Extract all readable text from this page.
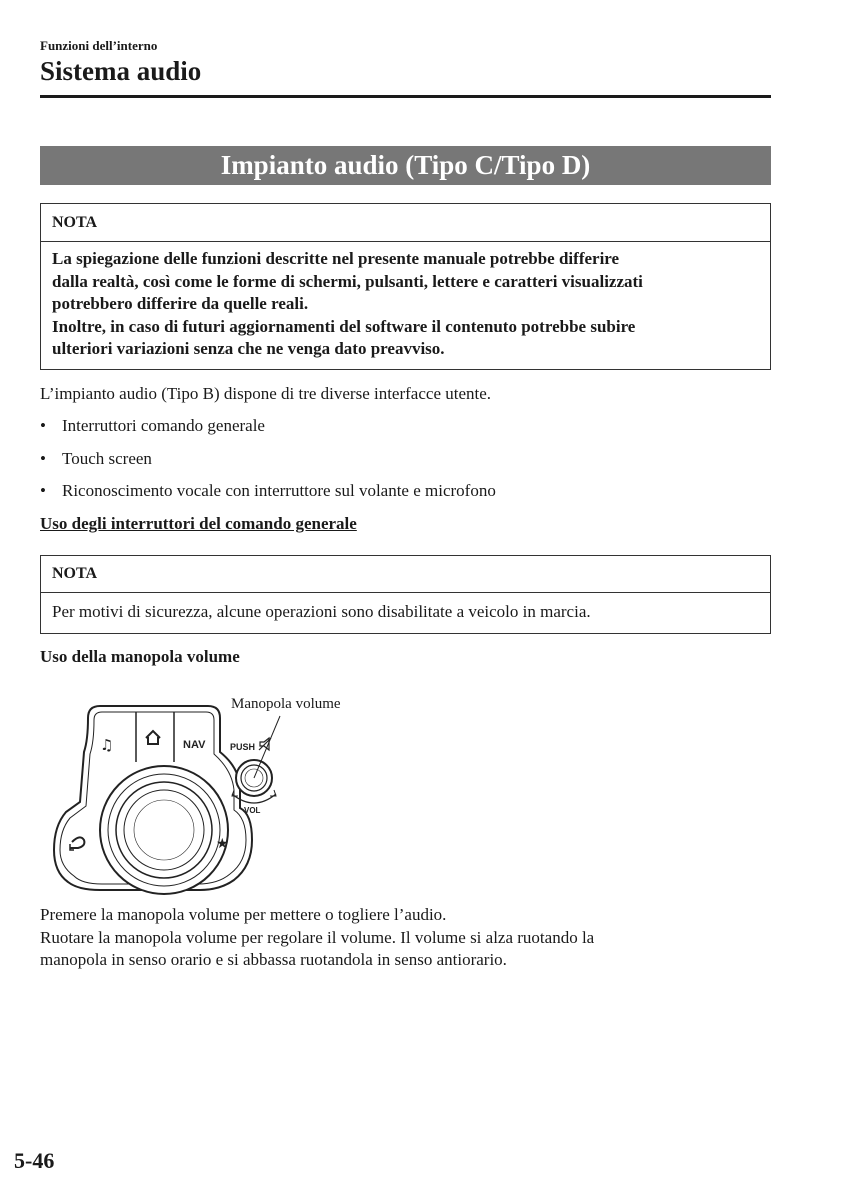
Funzioni dell’interno
Sistema audio
Impianto audio (Tipo C/Tipo D)
NOTA
La spiegazione delle funzioni descritte nel presente manuale potrebbe differire
dalla realtà, così come le forme di schermi, pulsanti, lettere e caratteri visualizzati
potrebbero differire da quelle reali.
Inoltre, in caso di futuri aggiornamenti del software il contenuto potrebbe subire
ulteriori variazioni senza che ne venga dato preavviso.
L’impianto audio (Tipo B) dispone di tre diverse interfacce utente.
• Interruttori comando generale
• Touch screen
• Riconoscimento vocale con interruttore sul volante e microfono
Uso degli interruttori del comando generale
NOTA
Per motivi di sicurezza, alcune operazioni sono disabilitate a veicolo in marcia.
Uso della manopola volume
Manopola volume
♫	NAV
★
PUSH
VOL
Premere la manopola volume per mettere o togliere l’audio.
Ruotare la manopola volume per regolare il volume. Il volume si alza ruotando la
manopola in senso orario e si abbassa ruotandola in senso antiorario.
5-46
